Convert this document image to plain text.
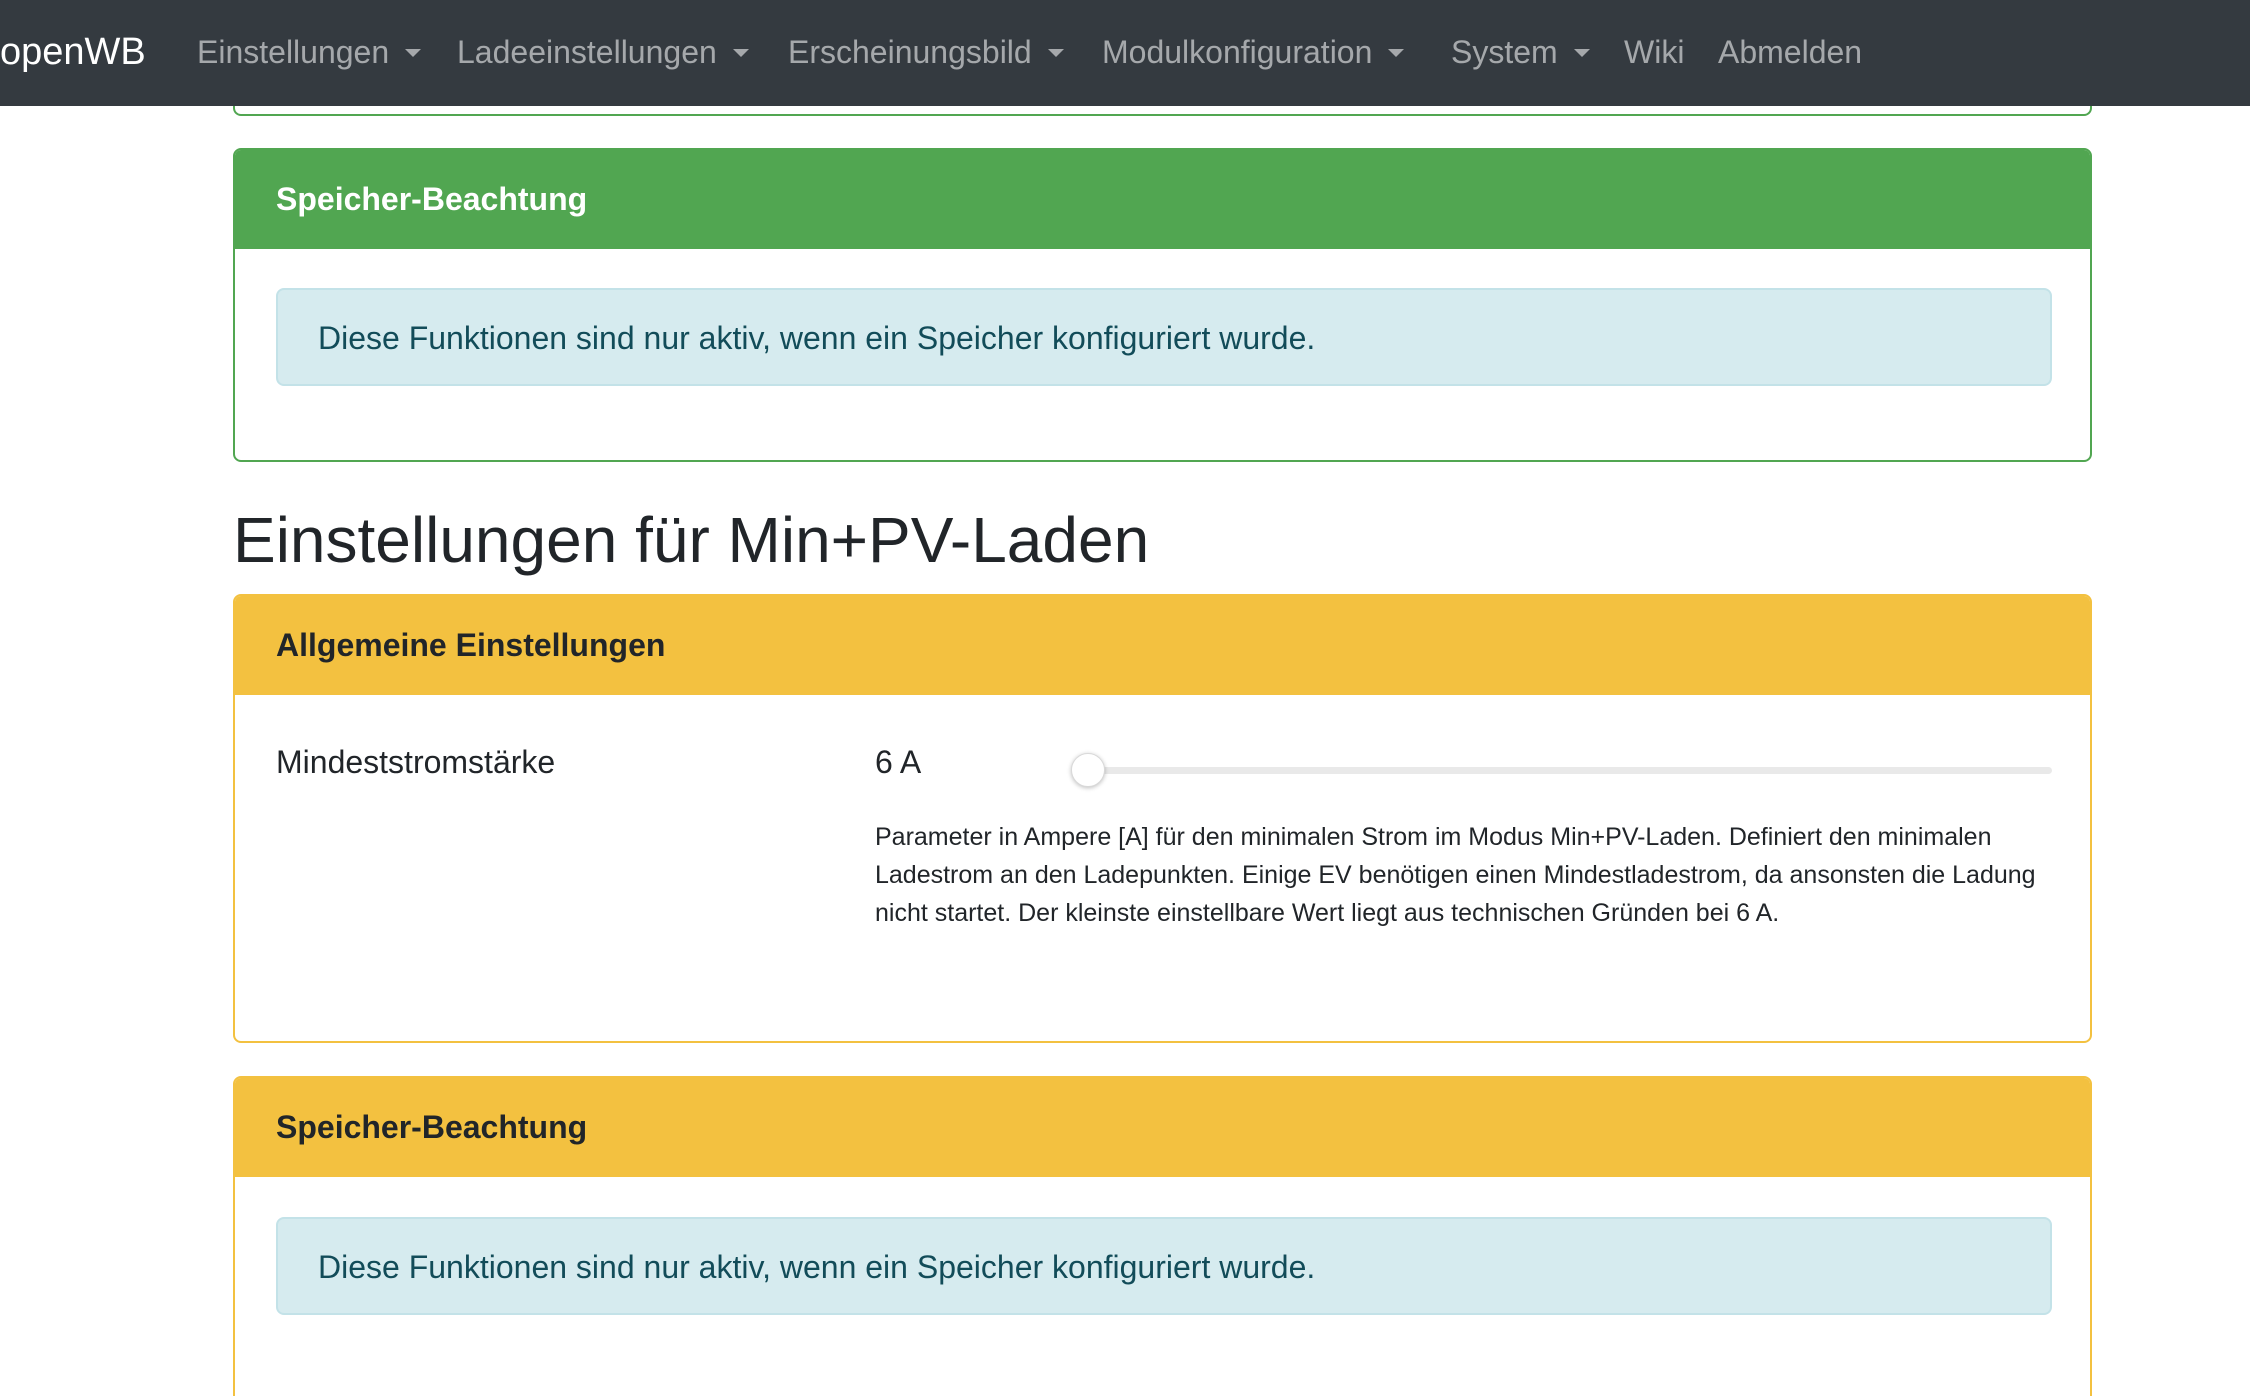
openWB Einstellungen	Ladeeinstellungen	Erscheinungsbild	Modulkonfiguration	System	Wiki Abmelden
Speicher-Beachtung
Diese Funktionen sind nur aktiv, wenn ein Speicher konfiguriert wurde.
Einstellungen für Min+PV-Laden
Allgemeine Einstellungen
Mindeststromstärke	6 A

Parameter in Ampere [A] für den minimalen Strom im Modus Min+PV-Laden. Definiert den minimalen Ladestrom an den Ladepunkten. Einige EV benötigen einen Mindestladestrom, da ansonsten die Ladung nicht startet. Der kleinste einstellbare Wert liegt aus technischen Gründen bei 6 A.

Speicher-Beachtung
Diese Funktionen sind nur aktiv, wenn ein Speicher konfiguriert wurde.
